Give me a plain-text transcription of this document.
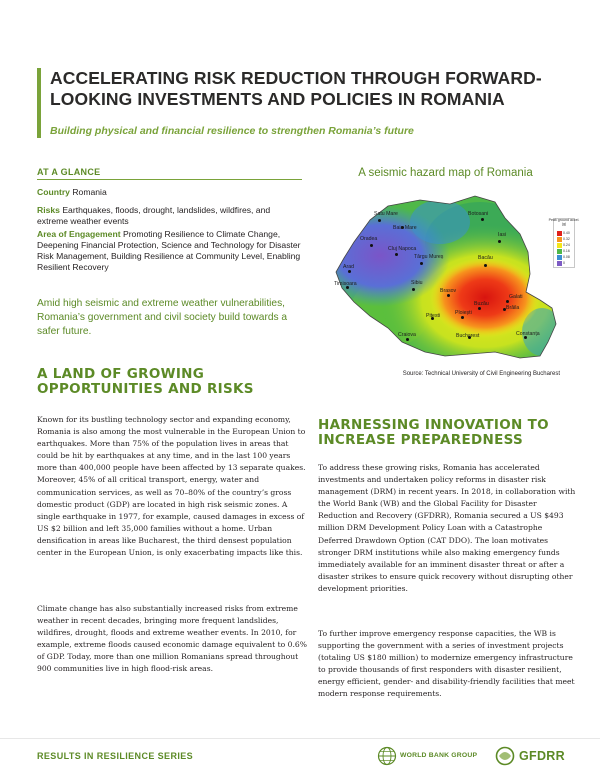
ACCELERATING RISK REDUCTION THROUGH FORWARD-LOOKING INVESTMENTS AND POLICIES IN ROMANIA
Building physical and financial resilience to strengthen Romania’s future
AT A GLANCE
Country Romania
Risks Earthquakes, floods, drought, landslides, wildfires, and extreme weather events
Area of Engagement Promoting Resilience to Climate Change, Deepening Financial Protection, Science and Technology for Disaster Risk Management, Building Resilience at Community Level, Enabling Resilient Recovery
Amid high seismic and extreme weather vulnerabilities, Romania’s government and civil society build towards a safer future.
A LAND OF GROWING OPPORTUNITIES AND RISKS

Known for its bustling technology sector and expanding economy, Romania is also among the most vulnerable in the European Union to earthquakes. More than 75% of the population lives in areas that could be hit by earthquakes at any time, and in the last 100 years more than 400,000 people have been affected by 13 separate quakes. Moreover, 45% of all critical transport, energy, water and communication services, as well as 70–80% of the country’s gross domestic product (GDP) are located in high risk seismic zones. A single earthquake in 1977, for example, caused damages in excess of US $2 billion and left 35,000 families without a home. Urban densification in areas like Bucharest, the third densest population center in the European Union, is only exacerbating impacts like this.

Climate change has also substantially increased risks from extreme weather in recent decades, bringing more frequent landslides, wildfires, drought, floods and extreme weather events. In 2010, for example, extreme floods caused economic damage equivalent to 0.6% of GDP. Today, more than one million Romanians spread throughout 900 communities live in high flood-risk areas.

A seismic hazard map of Romania
Satu Mare
Baia Mare
Botosani
Oradea
Cluj Napoca
Iasi
Târgu Mureș	Bacău
Arad
Timisoara	Sibiu
Brasov
Galati
Brăila
Buzău
Pitesti	Ploiești
Craiova	Bucharest	Constanța
0.40
0.32
0.24
0.16
0.08
0
Peak ground accel. (g)
Source: Technical University of Civil Engineering Bucharest
HARNESSING INNOVATION TO INCREASE PREPAREDNESS

To address these growing risks, Romania has accelerated investments and undertaken policy reforms in disaster risk management (DRM) in recent years. In 2018, in collaboration with the World Bank (WB) and the Global Facility for Disaster Reduction and Recovery (GFDRR), Romania secured a US $493 million DRM Development Policy Loan with a Catastrophe Deferred Drawdown Option (CAT DDO). The loan motivates stronger DRM institutions while also making emergency funds immediately available for an imminent disaster threat or after a disaster strikes to ensure quick recovery without disrupting other development priorities.

To further improve emergency response capacities, the WB is supporting the government with a series of investment projects (totaling US $180 million) to modernize emergency infrastructure to provide thousands of first responders with disaster resilient, energy efficient, gender- and disability-friendly facilities that meet modern response requirements.

RESULTS IN RESILIENCE SERIES	WORLD BANK GROUP	GFDRR
